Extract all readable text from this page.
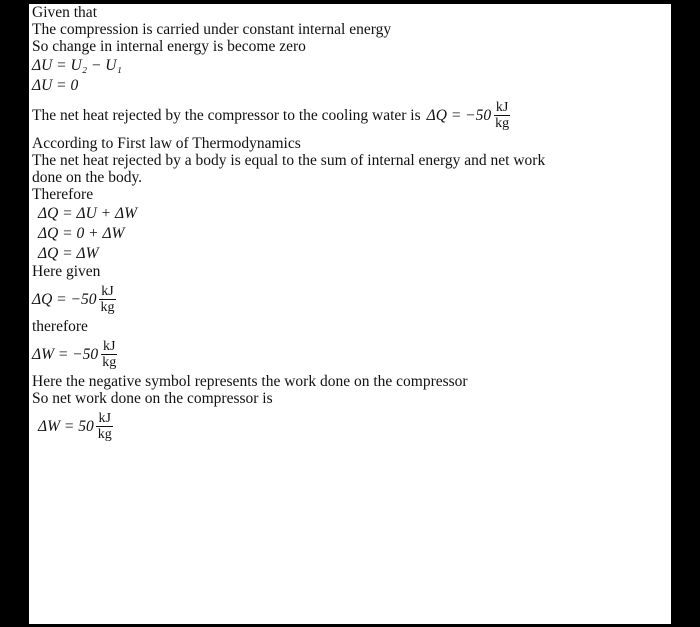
Given that
The compression is carried under constant internal energy
So change in internal energy is become zero
ΔU = U₂ − U₁
ΔU = 0
The net heat rejected by the compressor to the cooling water is $\Delta Q = -50 \frac{kJ}{kg}$
According to First law of Thermodynamics
The net heat rejected by a body is equal to the sum of internal energy and net work
done on the body.
Therefore
ΔQ = ΔU + ΔW
ΔQ = 0 + ΔW
ΔQ = ΔW
Here given
$\Delta Q = -50 \frac{kJ}{kg}$
therefore
$\Delta W = -50 \frac{kJ}{kg}$
Here the negative symbol represents the work done on the compressor
So net work done on the compressor is
$\Delta W = 50 \frac{kJ}{kg}$
